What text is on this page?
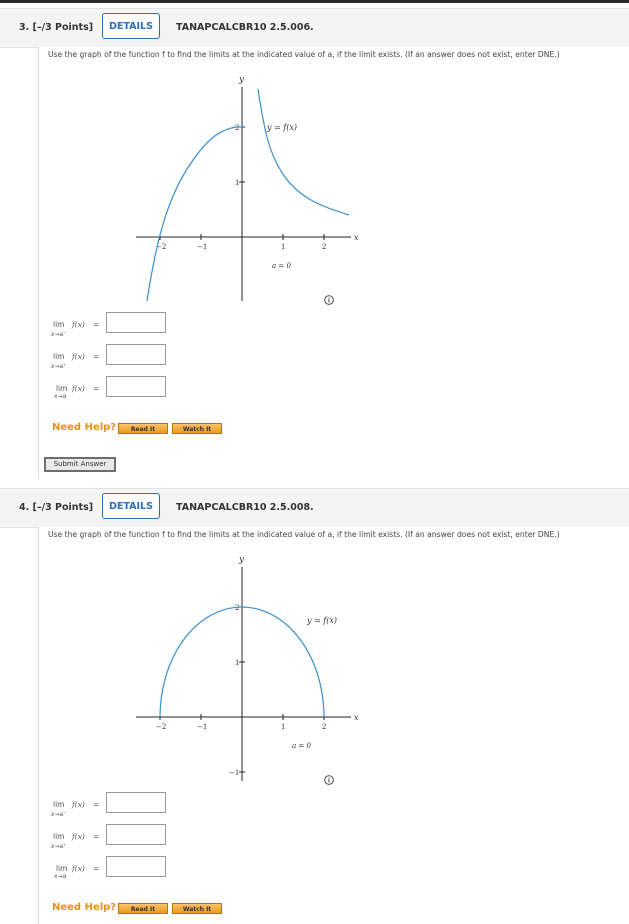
3. [–/3 Points]	DETAILS	TANAPCALCBR10 2.5.006.
Use the graph of the function f to find the limits at the indicated value of a, if the limit exists. (If an answer does not exist, enter DNE.)
y
x
−2	−1	1	2
1
2	y = f(x)
a = 0
lim
x→a⁻
f(x) =
lim
x→a⁺
f(x) =
lim
x→a
f(x) =
Need Help?	Read It	Watch It
Submit Answer
4. [–/3 Points]	DETAILS	TANAPCALCBR10 2.5.008.
Use the graph of the function f to find the limits at the indicated value of a, if the limit exists. (If an answer does not exist, enter DNE.)
y
x
−2	−1	1	2
1
2
−1
y = f(x)
a = 0
lim
x→a⁻
f(x) =
lim
x→a⁺
f(x) =
lim
x→a
f(x) =
Need Help?	Read It	Watch It
